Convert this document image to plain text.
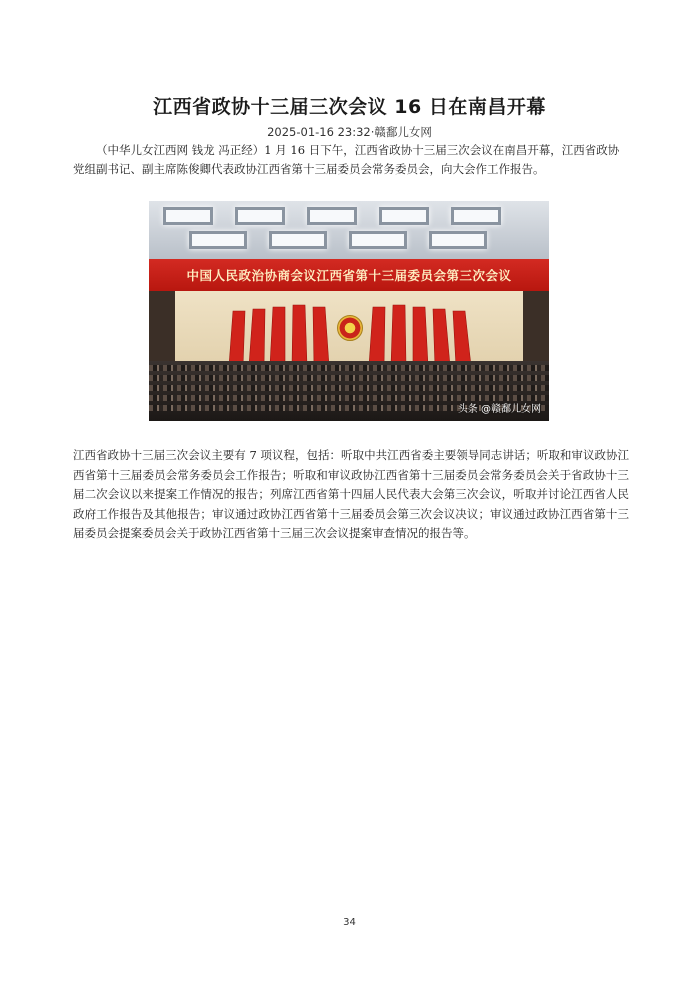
江西省政协十三届三次会议 16 日在南昌开幕
2025-01-16 23:32·赣鄱儿女网
（中华儿女江西网 钱龙 冯正经）1 月 16 日下午，江西省政协十三届三次会议在南昌开幕，江西省政协党组副书记、副主席陈俊卿代表政协江西省第十三届委员会常务委员会，向大会作工作报告。
中国人民政治协商会议江西省第十三届委员会第三次会议
头条 @赣鄱儿女网
江西省政协十三届三次会议主要有 7 项议程，包括：听取中共江西省委主要领导同志讲话；听取和审议政协江西省第十三届委员会常务委员会工作报告；听取和审议政协江西省第十三届委员会常务委员会关于省政协十三届二次会议以来提案工作情况的报告；列席江西省第十四届人民代表大会第三次会议，听取并讨论江西省人民政府工作报告及其他报告；审议通过政协江西省第十三届委员会第三次会议决议；审议通过政协江西省第十三届委员会提案委员会关于政协江西省第十三届三次会议提案审查情况的报告等。
34
